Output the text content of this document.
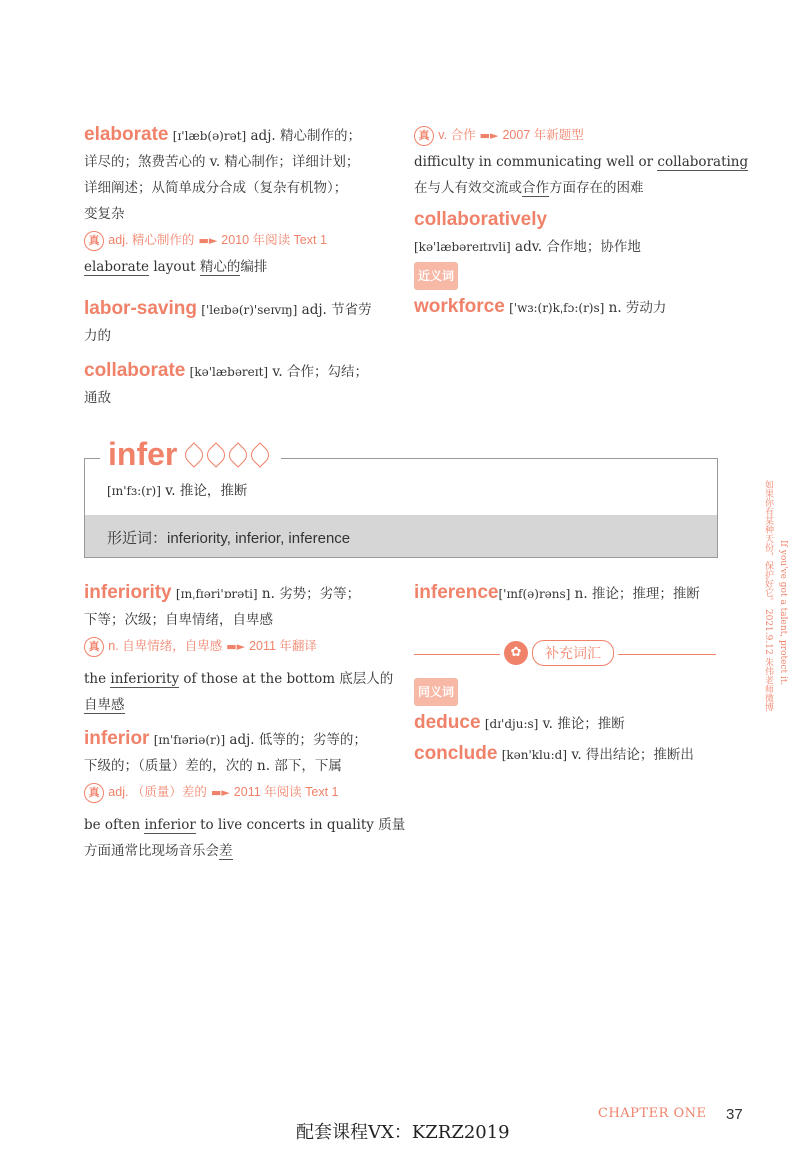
elaborate [ɪ'læb(ə)rət] adj. 精心制作的；
详尽的；煞费苦心的 v. 精心制作；详细计划；
详细阐述；从简单成分合成（复杂有机物）；
变复杂
真 adj. 精心制作的 ▬► 2010 年阅读 Text 1
elaborate layout 精心的编排
labor-saving ['leɪbə(r)'seɪvɪŋ] adj. 节省劳
力的
collaborate [kə'læbəreɪt] v. 合作；勾结；
通敌
真 v. 合作 ▬► 2007 年新题型
difficulty in communicating well or collaborating
在与人有效交流或合作方面存在的困难
collaboratively
[kə'læbəreɪtɪvli] adv. 合作地；协作地
近义词
workforce ['wɜ:(r)kˌfɔ:(r)s] n. 劳动力
形近词：inferiority, inferior, inference
[ɪn'fɜ:(r)] v. 推论，推断
infer
inferiority [ɪnˌfɪəri'ɒrəti] n. 劣势；劣等；
下等；次级；自卑情绪，自卑感
真 n. 自卑情绪，自卑感 ▬► 2011 年翻译
the inferiority of those at the bottom 底层人的
自卑感
inferior [ɪn'fɪəriə(r)] adj. 低等的；劣等的；
下级的；（质量）差的，次的 n. 部下，下属
真 adj. （质量）差的 ▬► 2011 年阅读 Text 1
be often inferior to live concerts in quality 质量
方面通常比现场音乐会差
inference['ɪnf(ə)rəns] n. 推论；推理；推断
✿	补充词汇
同义词
deduce [dɪ'dju:s] v. 推论；推断
conclude [kən'klu:d] v. 得出结论；推断出
如果你有某种天份，保护好它。 2021.9.12 朱伟老师微博 If you've got a talent, protect it.
CHAPTER ONE 37
配套课程VX：KZRZ2019
